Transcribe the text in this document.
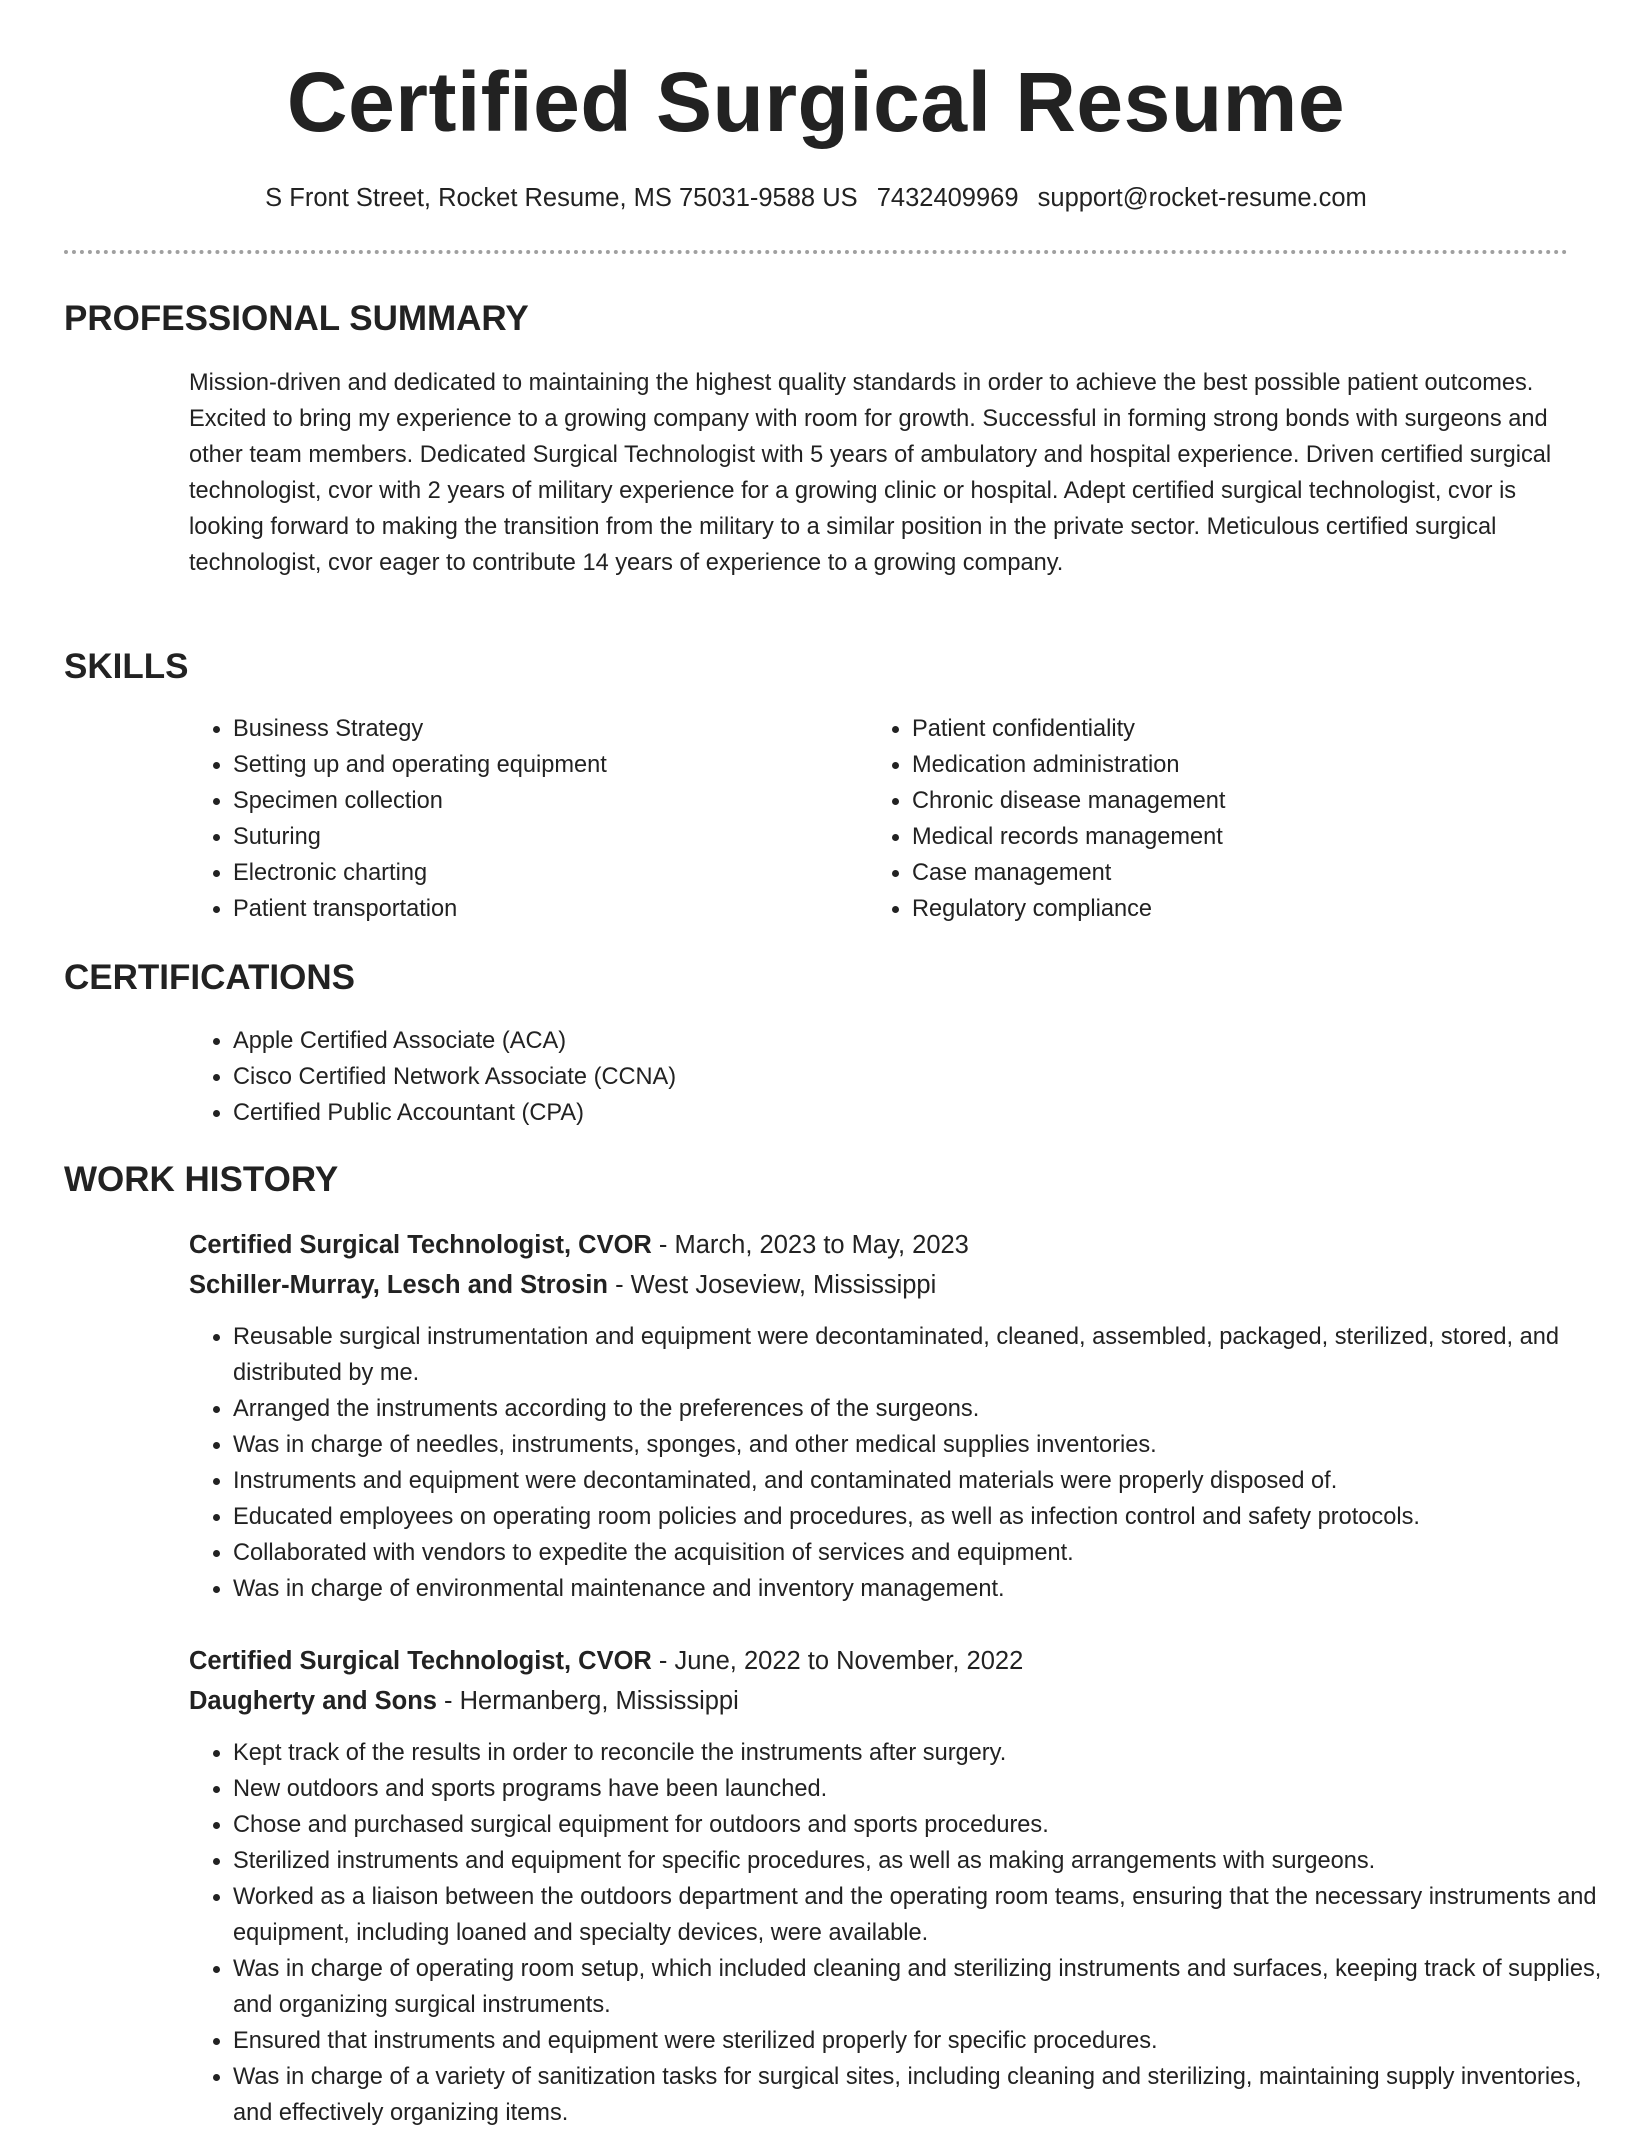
Certified Surgical Resume
S Front Street, Rocket Resume, MS 75031-9588 US 7432409969 support@rocket-resume.com
PROFESSIONAL SUMMARY

Mission-driven and dedicated to maintaining the highest quality standards in order to achieve the best possible patient outcomes. Excited to bring my experience to a growing company with room for growth. Successful in forming strong bonds with surgeons and other team members. Dedicated Surgical Technologist with 5 years of ambulatory and hospital experience. Driven certified surgical technologist, cvor with 2 years of military experience for a growing clinic or hospital. Adept certified surgical technologist, cvor is looking forward to making the transition from the military to a similar position in the private sector. Meticulous certified surgical technologist, cvor eager to contribute 14 years of experience to a growing company.

SKILLS
• Business Strategy
• Setting up and operating equipment
• Specimen collection
• Suturing
• Electronic charting
• Patient transportation
• Patient confidentiality
• Medication administration
• Chronic disease management
• Medical records management
• Case management
• Regulatory compliance
CERTIFICATIONS
• Apple Certified Associate (ACA)
• Cisco Certified Network Associate (CCNA)
• Certified Public Accountant (CPA)
WORK HISTORY
Certified Surgical Technologist, CVOR - March, 2023 to May, 2023
Schiller-Murray, Lesch and Strosin - West Joseview, Mississippi
• Reusable surgical instrumentation and equipment were decontaminated, cleaned, assembled, packaged, sterilized, stored, and distributed by me.
• Arranged the instruments according to the preferences of the surgeons.
• Was in charge of needles, instruments, sponges, and other medical supplies inventories.
• Instruments and equipment were decontaminated, and contaminated materials were properly disposed of.
• Educated employees on operating room policies and procedures, as well as infection control and safety protocols.
• Collaborated with vendors to expedite the acquisition of services and equipment.
• Was in charge of environmental maintenance and inventory management.
Certified Surgical Technologist, CVOR - June, 2022 to November, 2022
Daugherty and Sons - Hermanberg, Mississippi
• Kept track of the results in order to reconcile the instruments after surgery.
• New outdoors and sports programs have been launched.
• Chose and purchased surgical equipment for outdoors and sports procedures.
• Sterilized instruments and equipment for specific procedures, as well as making arrangements with surgeons.
• Worked as a liaison between the outdoors department and the operating room teams, ensuring that the necessary instruments and equipment, including loaned and specialty devices, were available.
• Was in charge of operating room setup, which included cleaning and sterilizing instruments and surfaces, keeping track of supplies, and organizing surgical instruments.
• Ensured that instruments and equipment were sterilized properly for specific procedures.
• Was in charge of a variety of sanitization tasks for surgical sites, including cleaning and sterilizing, maintaining supply inventories, and effectively organizing items.
